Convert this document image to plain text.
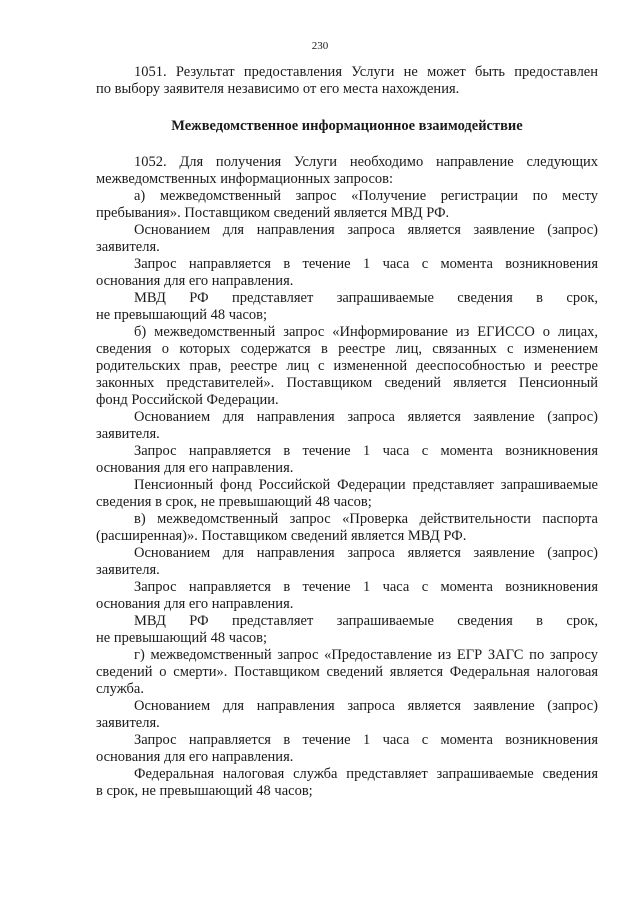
230
1051. Результат предоставления Услуги не может быть предоставлен
по выбору заявителя независимо от его места нахождения.
Межведомственное информационное взаимодействие
1052. Для получения Услуги необходимо направление следующих
межведомственных информационных запросов:
а) межведомственный запрос «Получение регистрации по месту
пребывания». Поставщиком сведений является МВД РФ.
Основанием для направления запроса является заявление (запрос)
заявителя.
Запрос направляется в течение 1 часа с момента возникновения
основания для его направления.
МВД РФ представляет запрашиваемые сведения в срок,
не превышающий 48 часов;
б) межведомственный запрос «Информирование из ЕГИССО о лицах,
сведения о которых содержатся в реестре лиц, связанных с изменением
родительских прав, реестре лиц с измененной дееспособностью и реестре
законных представителей». Поставщиком сведений является Пенсионный
фонд Российской Федерации.
Основанием для направления запроса является заявление (запрос)
заявителя.
Запрос направляется в течение 1 часа с момента возникновения
основания для его направления.
Пенсионный фонд Российской Федерации представляет запрашиваемые
сведения в срок, не превышающий 48 часов;
в) межведомственный запрос «Проверка действительности паспорта
(расширенная)». Поставщиком сведений является МВД РФ.
Основанием для направления запроса является заявление (запрос)
заявителя.
Запрос направляется в течение 1 часа с момента возникновения
основания для его направления.
МВД РФ представляет запрашиваемые сведения в срок,
не превышающий 48 часов;
г) межведомственный запрос «Предоставление из ЕГР ЗАГС по запросу
сведений о смерти». Поставщиком сведений является Федеральная налоговая
служба.
Основанием для направления запроса является заявление (запрос)
заявителя.
Запрос направляется в течение 1 часа с момента возникновения
основания для его направления.
Федеральная налоговая служба представляет запрашиваемые сведения
в срок, не превышающий 48 часов;
